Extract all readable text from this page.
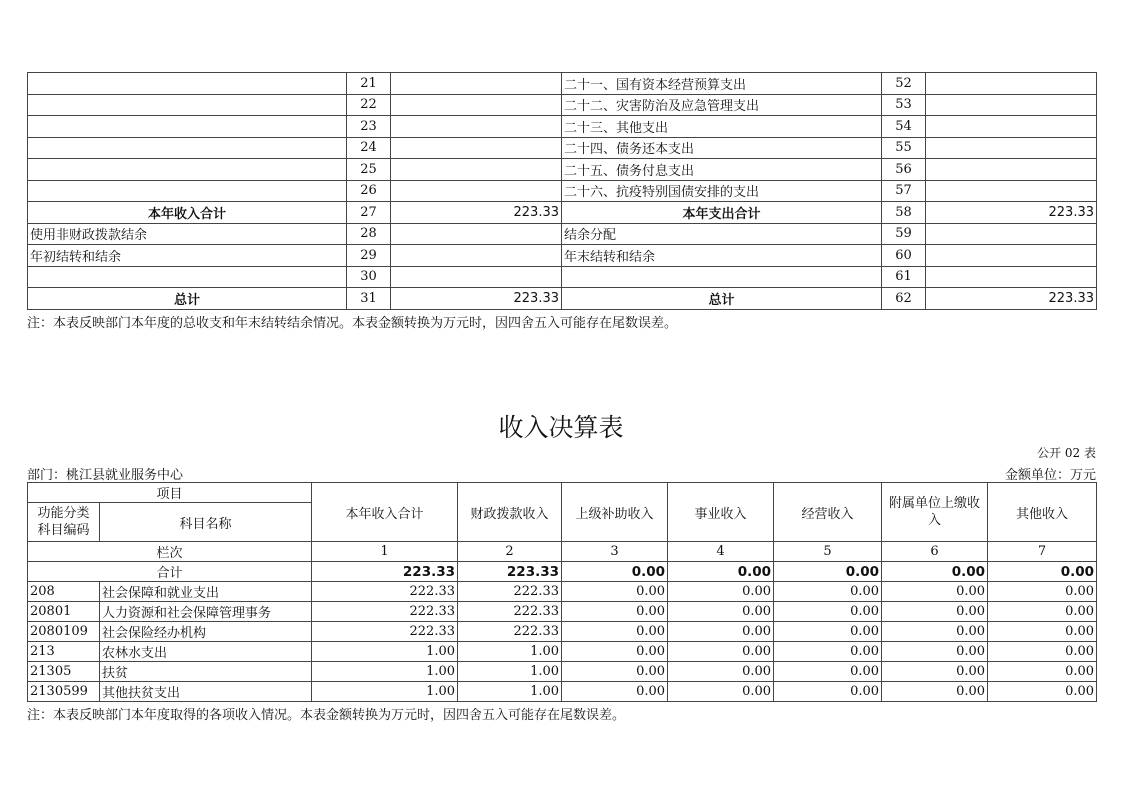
	21		二十一、国有资本经营预算支出	52	
	22		二十二、灾害防治及应急管理支出	53	
	23		二十三、其他支出	54	
	24		二十四、债务还本支出	55	
	25		二十五、债务付息支出	56	
	26		二十六、抗疫特别国债安排的支出	57	
本年收入合计	27	223.33	本年支出合计	58	223.33
使用非财政拨款结余	28		结余分配	59	
年初结转和结余	29		年末结转和结余	60	
	30			61	
总计	31	223.33	总计	62	223.33
注：本表反映部门本年度的总收支和年末结转结余情况。本表金额转换为万元时，因四舍五入可能存在尾数误差。
收入决算表
公开 02 表
部门：桃江县就业服务中心	金额单位：万元
项目		本年收入合计	财政拨款收入	上级补助收入	事业收入	经营收入	附属单位上缴收入	其他收入
功能分类
科目编码	科目名称							
栏次		1	2	3	4	5	6	7
合计		223.33	223.33	0.00	0.00	0.00	0.00	0.00
208	社会保障和就业支出	222.33	222.33	0.00	0.00	0.00	0.00	0.00
20801	人力资源和社会保障管理事务	222.33	222.33	0.00	0.00	0.00	0.00	0.00
2080109	社会保险经办机构	222.33	222.33	0.00	0.00	0.00	0.00	0.00
213	农林水支出	1.00	1.00	0.00	0.00	0.00	0.00	0.00
21305	扶贫	1.00	1.00	0.00	0.00	0.00	0.00	0.00
2130599	其他扶贫支出	1.00	1.00	0.00	0.00	0.00	0.00	0.00
注：本表反映部门本年度取得的各项收入情况。本表金额转换为万元时，因四舍五入可能存在尾数误差。
